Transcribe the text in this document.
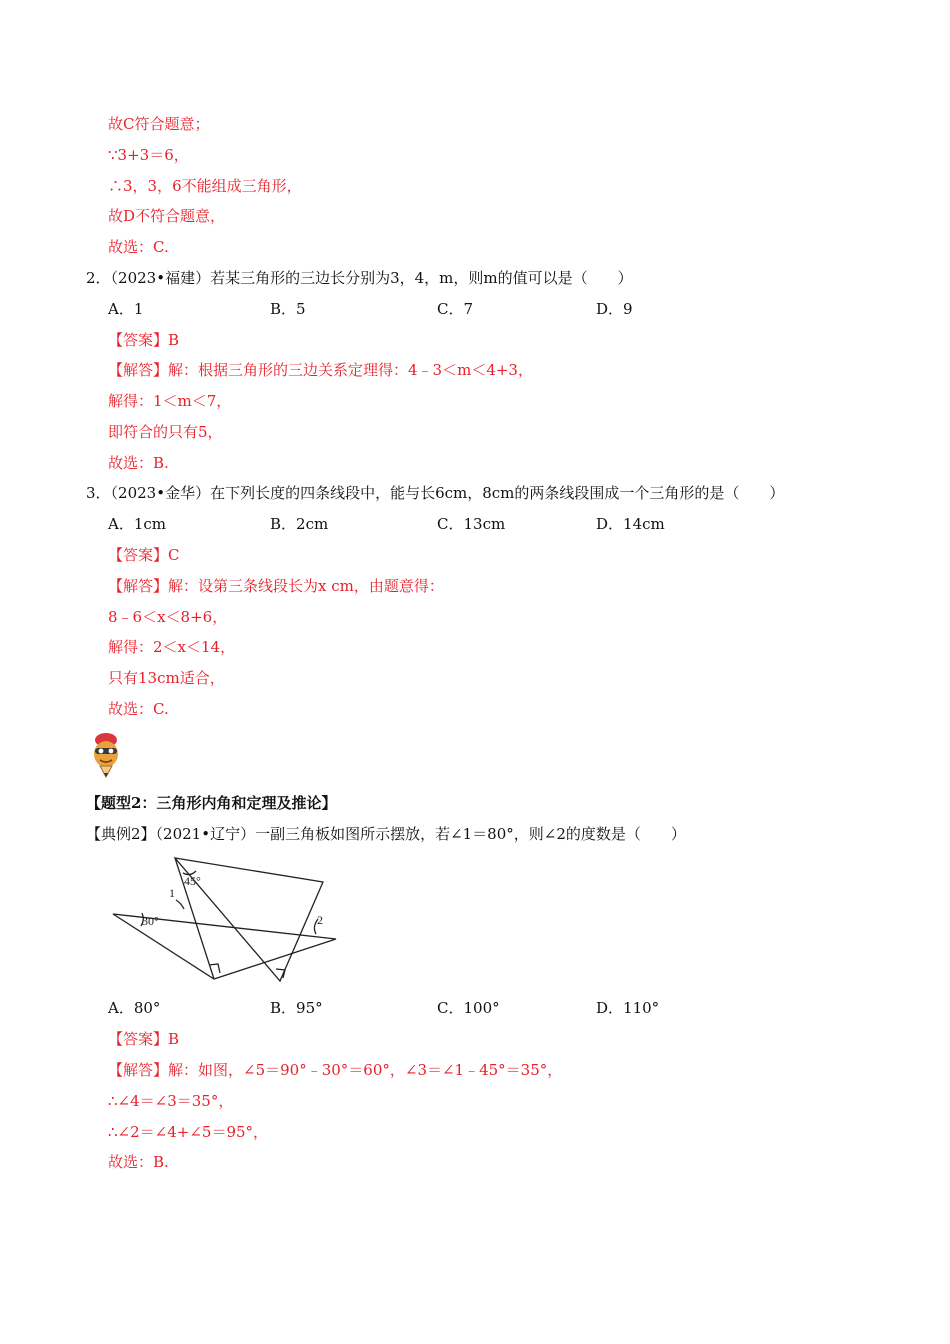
故C符合题意；
∵3+3＝6，
∴3，3，6不能组成三角形，
故D不符合题意，
故选：C.
2．（2023•福建）若某三角形的三边长分别为3，4，m，则m的值可以是（　　）
A．1	B．5	C．7	D．9
【答案】B
【解答】解：根据三角形的三边关系定理得：4﹣3＜m＜4+3，
解得：1＜m＜7，
即符合的只有5，
故选：B.
3．（2023•金华）在下列长度的四条线段中，能与长6cm，8cm的两条线段围成一个三角形的是（　　）
A．1cm	B．2cm	C．13cm	D．14cm
【答案】C
【解答】解：设第三条线段长为x cm，由题意得：
8﹣6＜x＜8+6，
解得：2＜x＜14，
只有13cm适合，
故选：C.
【题型2：三角形内角和定理及推论】
【典例2】（2021•辽宁）一副三角板如图所示摆放，若∠1＝80°，则∠2的度数是（　　）
45°
1
30°	2
A．80°	B．95°	C．100°	D．110°
【答案】B
【解答】解：如图，∠5＝90°﹣30°＝60°，∠3＝∠1﹣45°＝35°，
∴∠4＝∠3＝35°，
∴∠2＝∠4+∠5＝95°，
故选：B.
